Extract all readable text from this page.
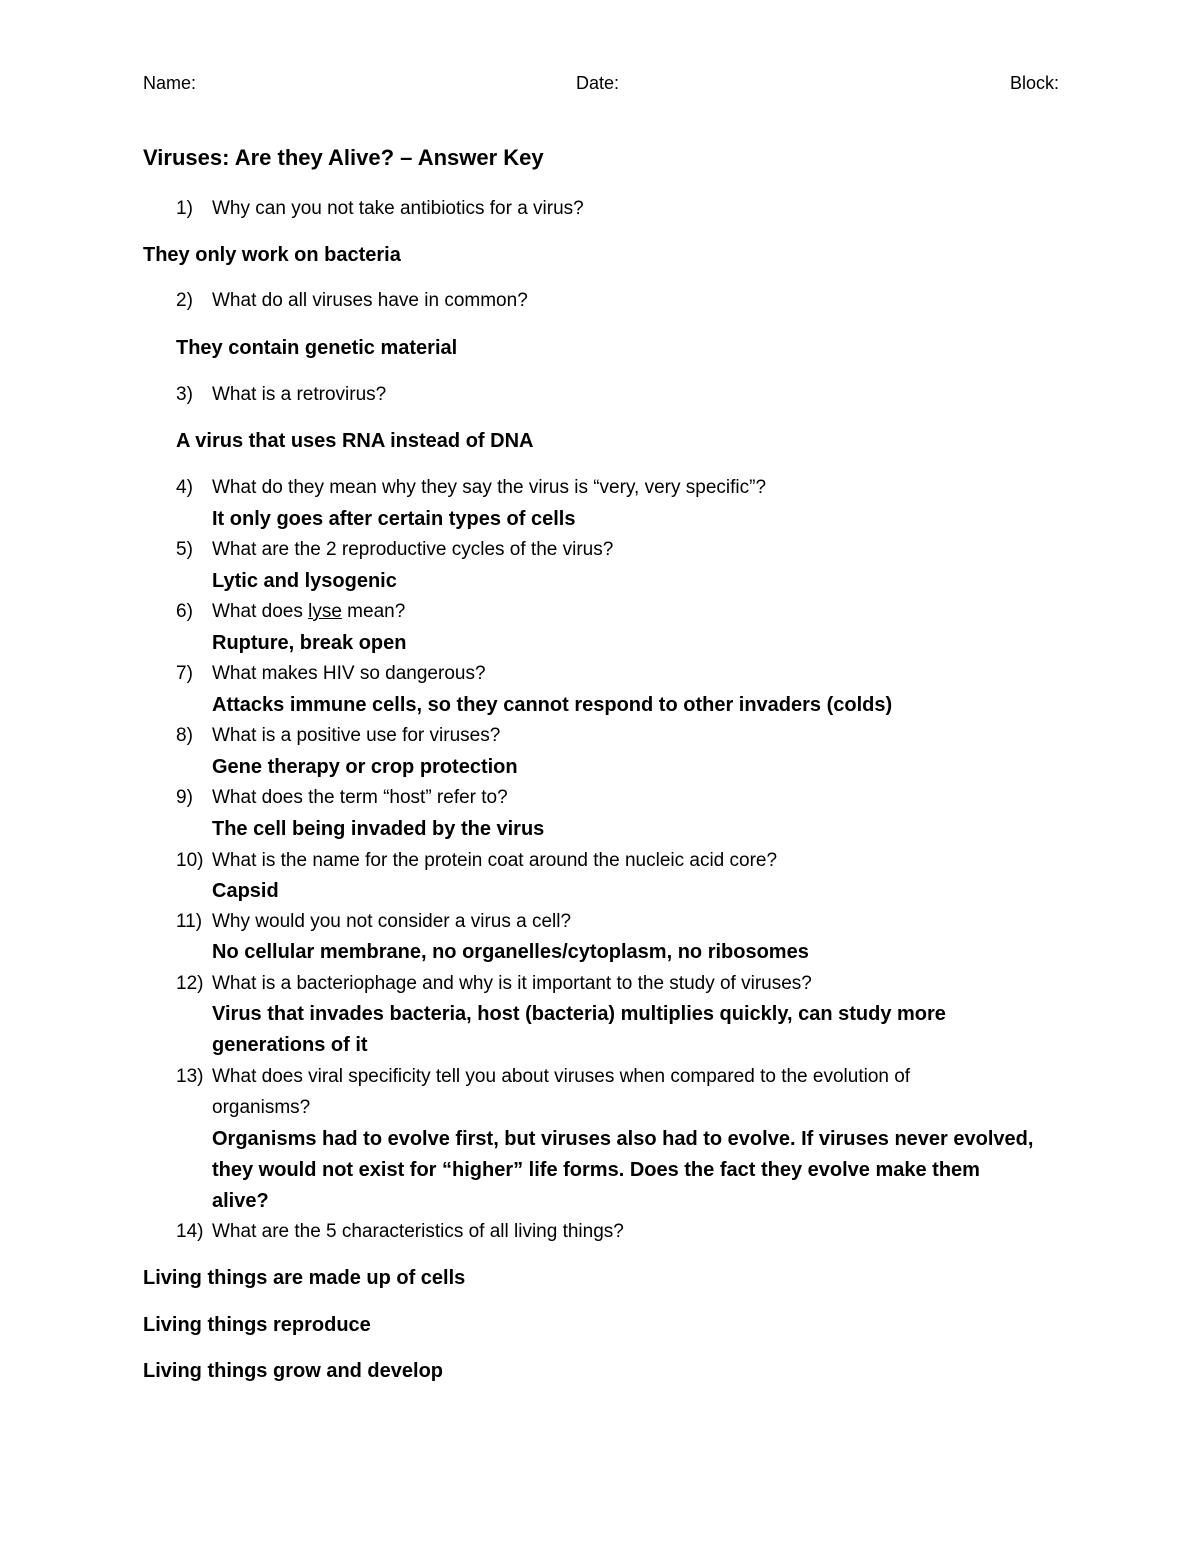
Name:	Date:	Block:
Viruses: Are they Alive? – Answer Key
1) Why can you not take antibiotics for a virus?
They only work on bacteria
2) What do all viruses have in common?
They contain genetic material
3) What is a retrovirus?
A virus that uses RNA instead of DNA
4) What do they mean why they say the virus is “very, very specific”?
It only goes after certain types of cells
5) What are the 2 reproductive cycles of the virus?
Lytic and lysogenic
6) What does lyse mean?
Rupture, break open
7) What makes HIV so dangerous?
Attacks immune cells, so they cannot respond to other invaders (colds)
8) What is a positive use for viruses?
Gene therapy or crop protection
9) What does the term “host” refer to?
The cell being invaded by the virus
10) What is the name for the protein coat around the nucleic acid core?
Capsid
11) Why would you not consider a virus a cell?
No cellular membrane, no organelles/cytoplasm, no ribosomes
12) What is a bacteriophage and why is it important to the study of viruses?
Virus that invades bacteria, host (bacteria) multiplies quickly, can study more
generations of it
13) What does viral specificity tell you about viruses when compared to the evolution of
organisms?
Organisms had to evolve first, but viruses also had to evolve. If viruses never evolved,
they would not exist for “higher” life forms. Does the fact they evolve make them
alive?
14) What are the 5 characteristics of all living things?
Living things are made up of cells
Living things reproduce
Living things grow and develop
